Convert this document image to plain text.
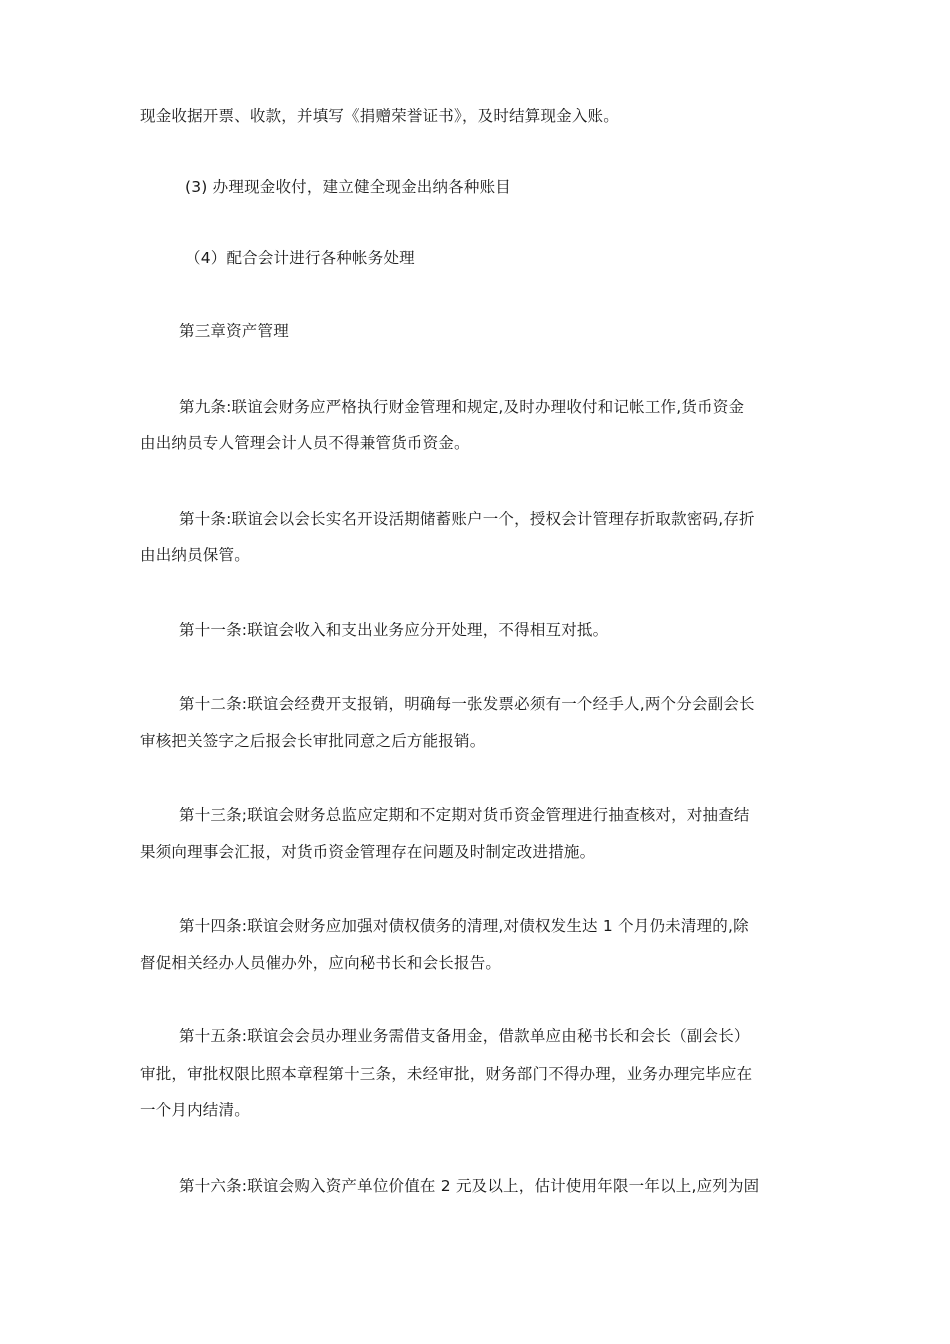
现金收据开票、收款，并填写《捐赠荣誉证书》，及时结算现金入账。
(3) 办理现金收付，建立健全现金出纳各种账目
（4）配合会计进行各种帐务处理
第三章资产管理
第九条:联谊会财务应严格执行财金管理和规定,及时办理收付和记帐工作,货币资金
由出纳员专人管理会计人员不得兼管货币资金。
第十条:联谊会以会长实名开设活期储蓄账户一个，授权会计管理存折取款密码,存折
由出纳员保管。
第十一条:联谊会收入和支出业务应分开处理，不得相互对抵。
第十二条:联谊会经费开支报销，明确每一张发票必须有一个经手人,两个分会副会长
审核把关签字之后报会长审批同意之后方能报销。
第十三条;联谊会财务总监应定期和不定期对货币资金管理进行抽查核对，对抽查结
果须向理事会汇报，对货币资金管理存在问题及时制定改进措施。
第十四条:联谊会财务应加强对债权债务的清理,对债权发生达 1 个月仍未清理的,除
督促相关经办人员催办外，应向秘书长和会长报告。
第十五条:联谊会会员办理业务需借支备用金，借款单应由秘书长和会长（副会长）
审批，审批权限比照本章程第十三条，未经审批，财务部门不得办理，业务办理完毕应在
一个月内结清。
第十六条:联谊会购入资产单位价值在 2 元及以上，估计使用年限一年以上,应列为固
